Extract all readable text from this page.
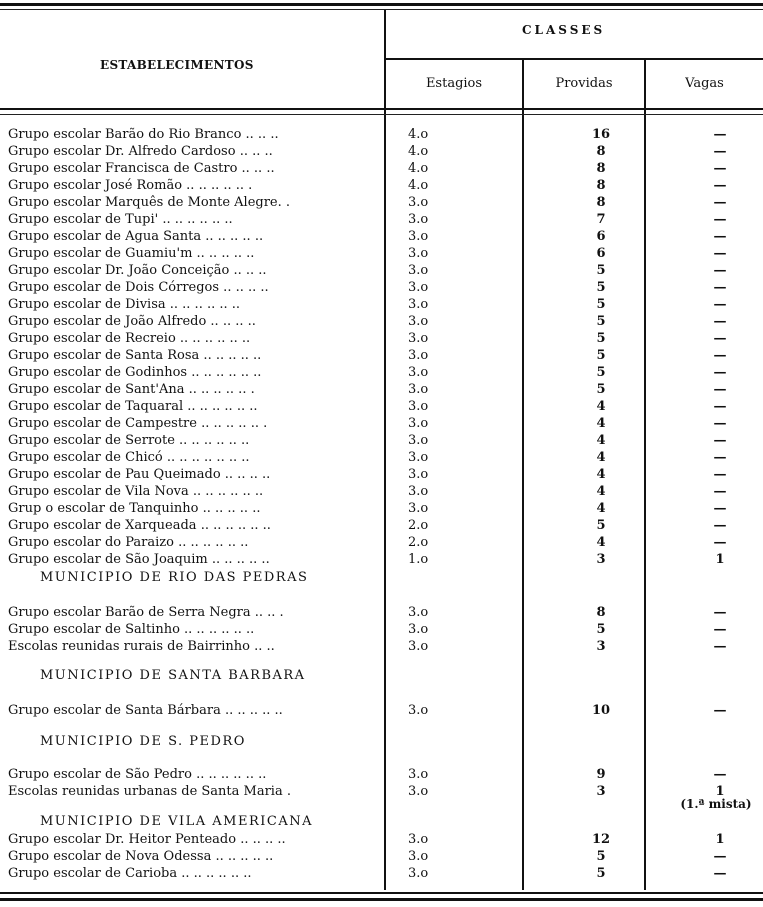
ESTABELECIMENTOS
CLASSES
Estagios	Providas	Vagas
Grupo escolar Barão do Rio Branco .. .. ..	4.o	16	—
Grupo escolar Dr. Alfredo Cardoso .. .. ..	4.o	8	—
Grupo escolar Francisca de Castro .. .. ..	4.o	8	—
Grupo escolar José Romão .. .. .. .. .. .	4.o	8	—
Grupo escolar Marquês de Monte Alegre. .	3.o	8	—
Grupo escolar de Tupi' .. .. .. .. .. ..	3.o	7	—
Grupo escolar de Agua Santa .. .. .. .. ..	3.o	6	—
Grupo escolar de Guamiu'm .. .. .. .. ..	3.o	6	—
Grupo escolar Dr. João Conceição .. .. ..	3.o	5	—
Grupo escolar de Dois Córregos .. .. .. ..	3.o	5	—
Grupo escolar de Divisa .. .. .. .. .. ..	3.o	5	—
Grupo escolar de João Alfredo .. .. .. ..	3.o	5	—
Grupo escolar de Recreio .. .. .. .. .. ..	3.o	5	—
Grupo escolar de Santa Rosa .. .. .. .. ..	3.o	5	—
Grupo escolar de Godinhos .. .. .. .. .. ..	3.o	5	—
Grupo escolar de Sant'Ana .. .. .. .. .. .	3.o	5	—
Grupo escolar de Taquaral .. .. .. .. .. ..	3.o	4	—
Grupo escolar de Campestre .. .. .. .. .. .	3.o	4	—
Grupo escolar de Serrote .. .. .. .. .. ..	3.o	4	—
Grupo escolar de Chicó .. .. .. .. .. .. ..	3.o	4	—
Grupo escolar de Pau Queimado .. .. .. ..	3.o	4	—
Grupo escolar de Vila Nova .. .. .. .. .. ..	3.o	4	—
Grup o escolar de Tanquinho .. .. .. .. ..	3.o	4	—
Grupo escolar de Xarqueada .. .. .. .. .. ..	2.o	5	—
Grupo escolar do Paraizo .. .. .. .. .. ..	2.o	4	—
Grupo escolar de São Joaquim .. .. .. .. ..	1.o	3	1
MUNICIPIO DE RIO DAS PEDRAS
Grupo escolar Barão de Serra Negra .. .. .	3.o	8	—
Grupo escolar de Saltinho .. .. .. .. .. ..	3.o	5	—
Escolas reunidas rurais de Bairrinho .. ..	3.o	3	—
MUNICIPIO DE SANTA BARBARA
Grupo escolar de Santa Bárbara .. .. .. .. ..	3.o	10	—
MUNICIPIO DE S. PEDRO
Grupo escolar de São Pedro .. .. .. .. .. ..	3.o	9	—
Escolas reunidas urbanas de Santa Maria .	3.o	3	1
(1.ª mista)
MUNICIPIO DE VILA AMERICANA
Grupo escolar Dr. Heitor Penteado .. .. .. ..	3.o	12	1
Grupo escolar de Nova Odessa .. .. .. .. ..	3.o	5	—
Grupo escolar de Carioba .. .. .. .. .. ..	3.o	5	—
